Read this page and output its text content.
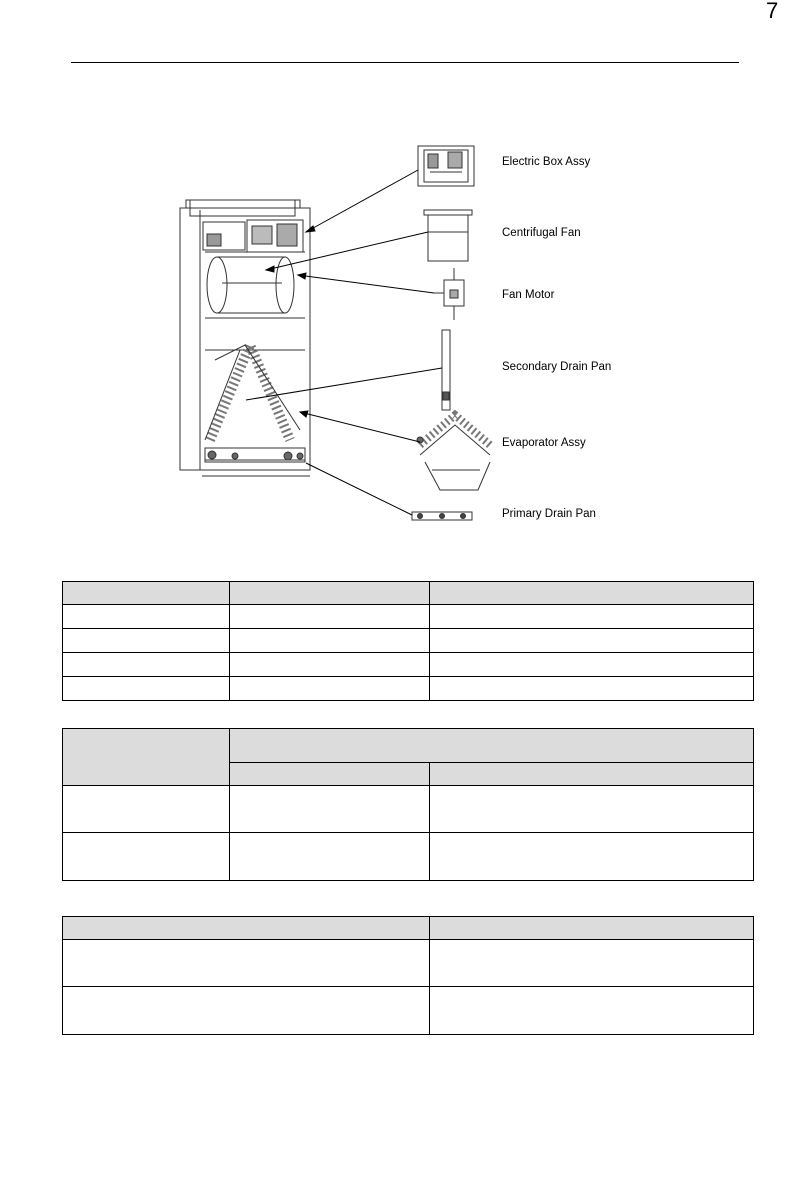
7
Electric Box Assy
Centrifugal Fan
Fan Motor
Secondary Drain Pan
Evaporator Assy
Primary Drain Pan
